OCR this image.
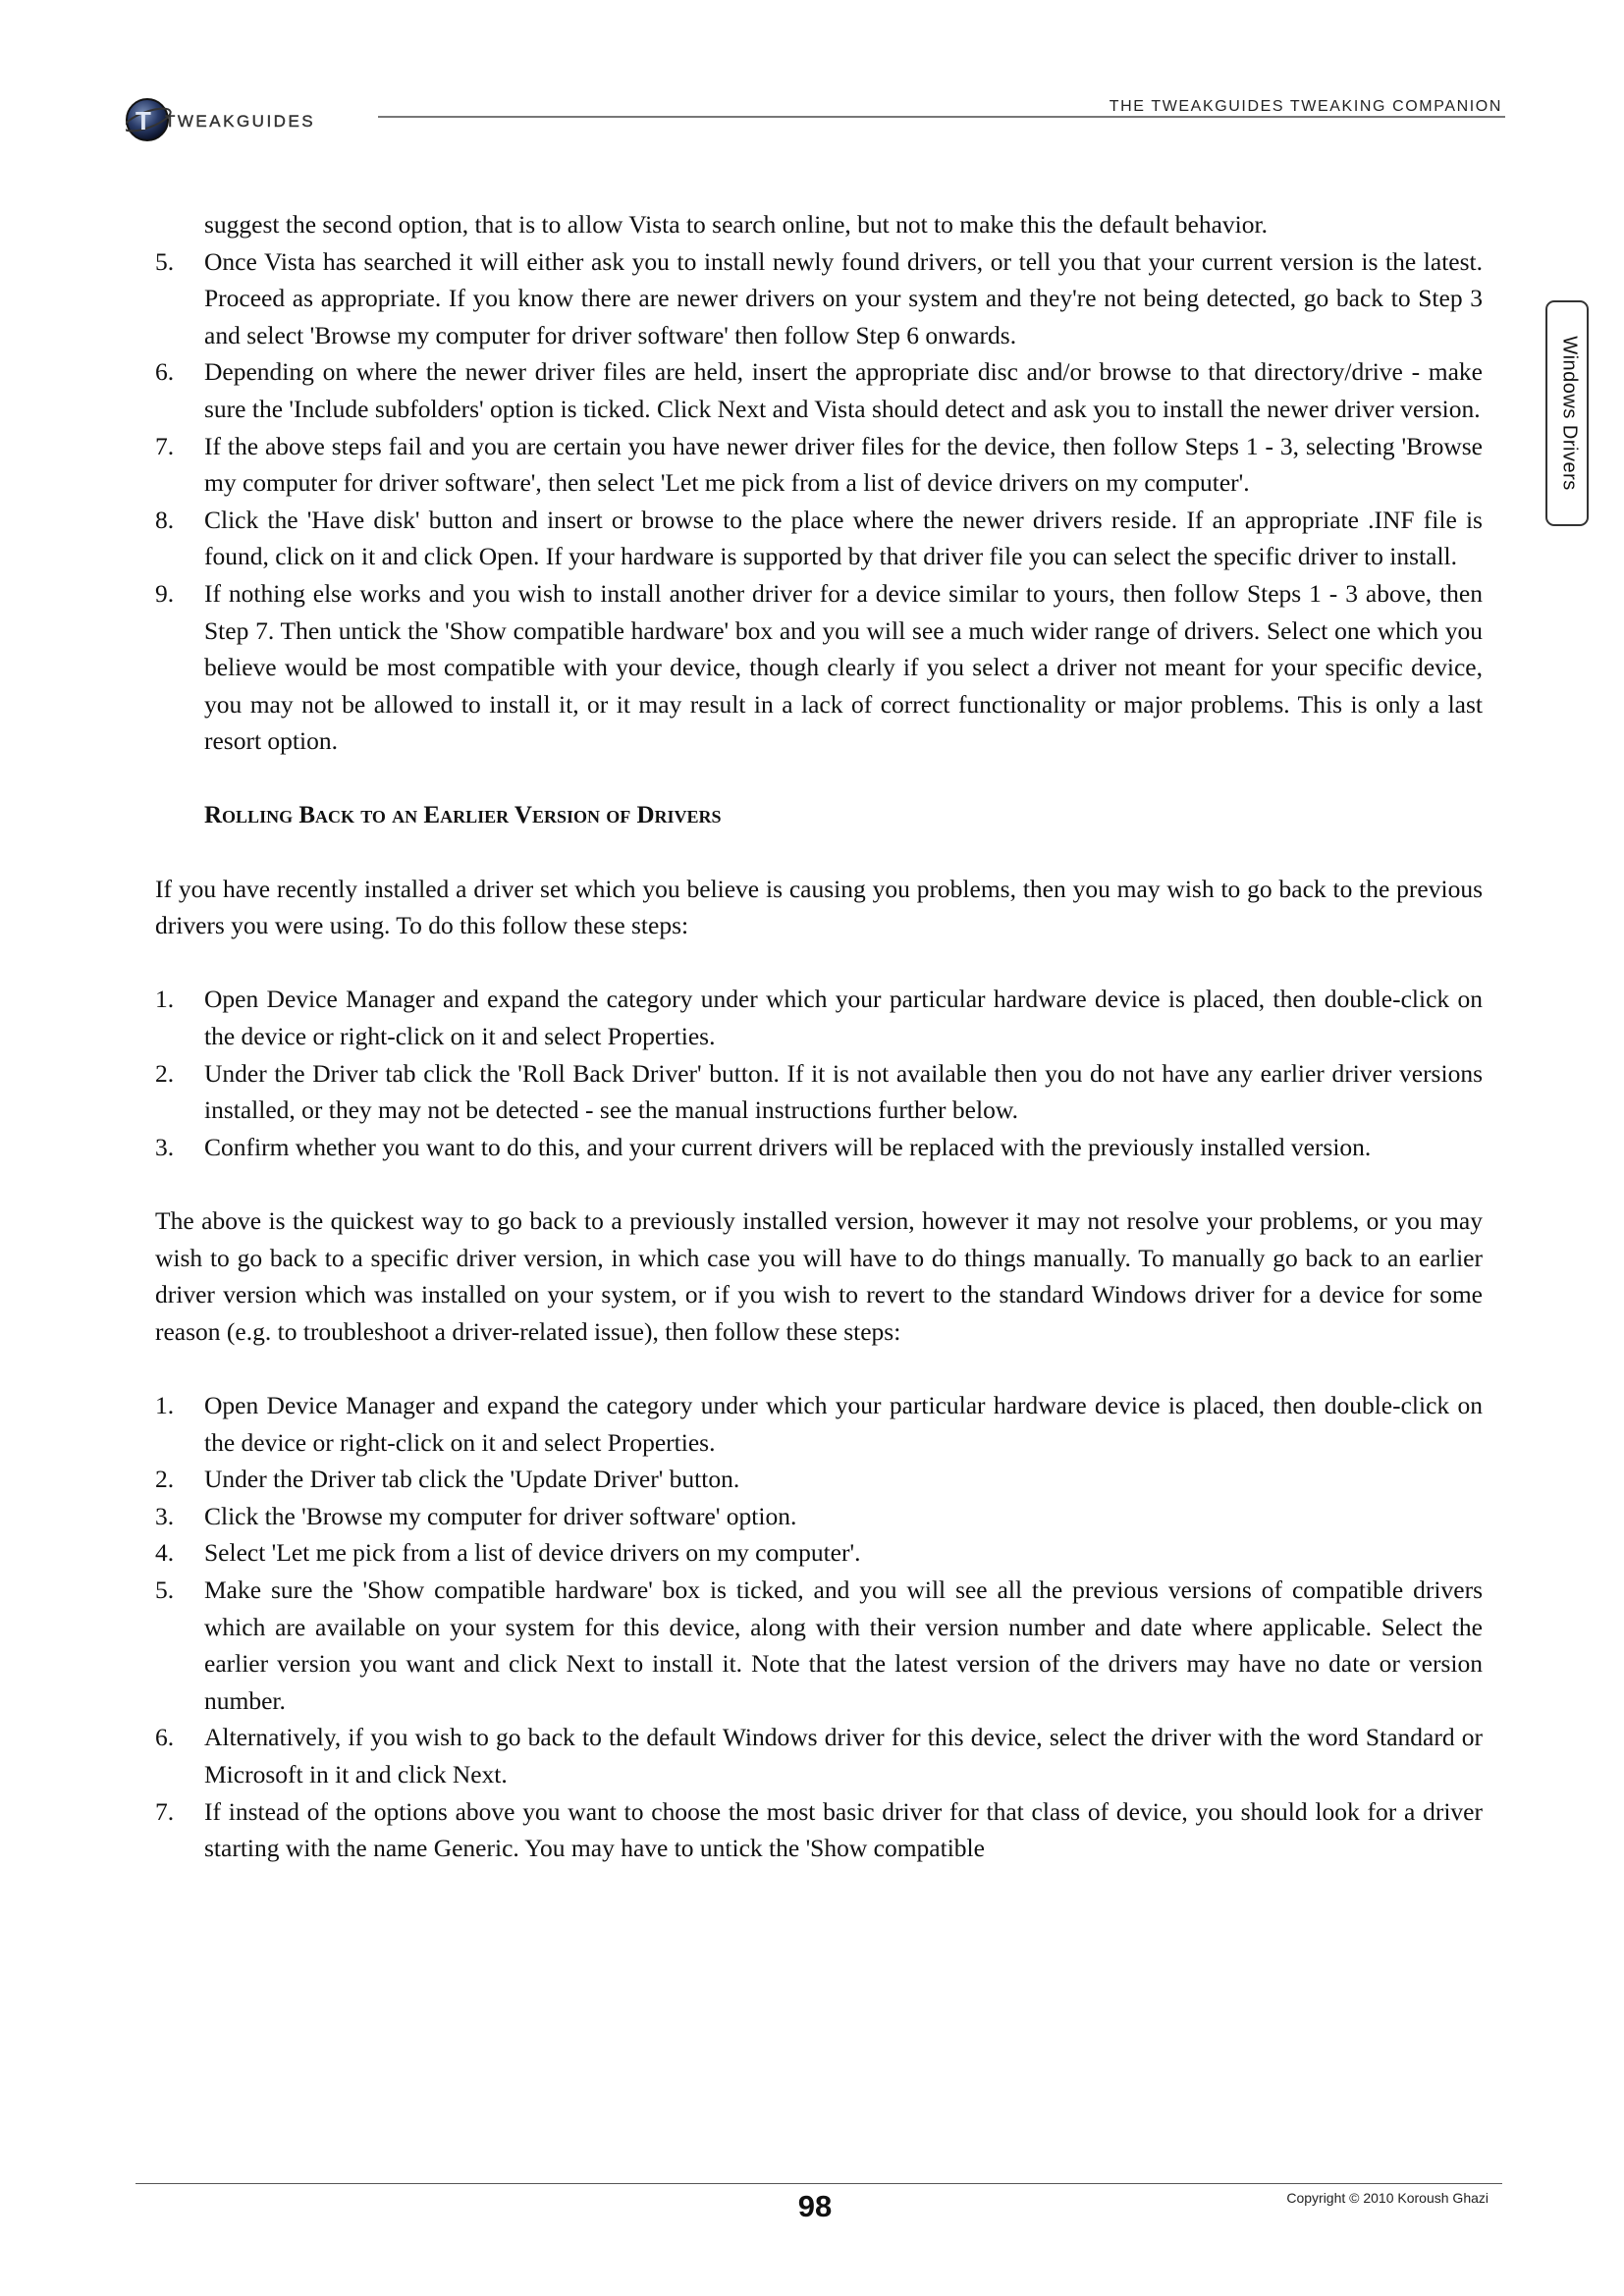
T TWEAKGUIDES
THE TWEAKGUIDES TWEAKING COMPANION
Windows Drivers
suggest the second option, that is to allow Vista to search online, but not to make this the default behavior.
5. Once Vista has searched it will either ask you to install newly found drivers, or tell you that your current version is the latest. Proceed as appropriate. If you know there are newer drivers on your system and they're not being detected, go back to Step 3 and select 'Browse my computer for driver software' then follow Step 6 onwards.
6. Depending on where the newer driver files are held, insert the appropriate disc and/or browse to that directory/drive - make sure the 'Include subfolders' option is ticked. Click Next and Vista should detect and ask you to install the newer driver version.
7. If the above steps fail and you are certain you have newer driver files for the device, then follow Steps 1 - 3, selecting 'Browse my computer for driver software', then select 'Let me pick from a list of device drivers on my computer'.
8. Click the 'Have disk' button and insert or browse to the place where the newer drivers reside. If an appropriate .INF file is found, click on it and click Open. If your hardware is supported by that driver file you can select the specific driver to install.
9. If nothing else works and you wish to install another driver for a device similar to yours, then follow Steps 1 - 3 above, then Step 7. Then untick the 'Show compatible hardware' box and you will see a much wider range of drivers. Select one which you believe would be most compatible with your device, though clearly if you select a driver not meant for your specific device, you may not be allowed to install it, or it may result in a lack of correct functionality or major problems. This is only a last resort option.
Rolling Back to an Earlier Version of Drivers
If you have recently installed a driver set which you believe is causing you problems, then you may wish to go back to the previous drivers you were using. To do this follow these steps:
1. Open Device Manager and expand the category under which your particular hardware device is placed, then double-click on the device or right-click on it and select Properties.
2. Under the Driver tab click the 'Roll Back Driver' button. If it is not available then you do not have any earlier driver versions installed, or they may not be detected - see the manual instructions further below.
3. Confirm whether you want to do this, and your current drivers will be replaced with the previously installed version.
The above is the quickest way to go back to a previously installed version, however it may not resolve your problems, or you may wish to go back to a specific driver version, in which case you will have to do things manually. To manually go back to an earlier driver version which was installed on your system, or if you wish to revert to the standard Windows driver for a device for some reason (e.g. to troubleshoot a driver-related issue), then follow these steps:
1. Open Device Manager and expand the category under which your particular hardware device is placed, then double-click on the device or right-click on it and select Properties.
2. Under the Driver tab click the 'Update Driver' button.
3. Click the 'Browse my computer for driver software' option.
4. Select 'Let me pick from a list of device drivers on my computer'.
5. Make sure the 'Show compatible hardware' box is ticked, and you will see all the previous versions of compatible drivers which are available on your system for this device, along with their version number and date where applicable. Select the earlier version you want and click Next to install it. Note that the latest version of the drivers may have no date or version number.
6. Alternatively, if you wish to go back to the default Windows driver for this device, select the driver with the word Standard or Microsoft in it and click Next.
7. If instead of the options above you want to choose the most basic driver for that class of device, you should look for a driver starting with the name Generic. You may have to untick the 'Show compatible
98	Copyright © 2010 Koroush Ghazi
